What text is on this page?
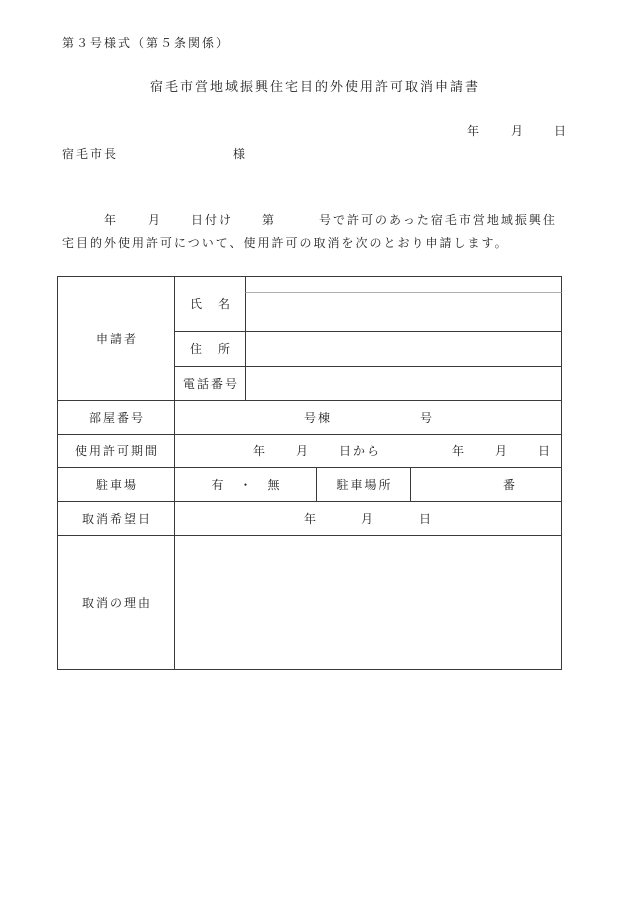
第３号様式（第５条関係）
宿毛市営地域振興住宅目的外使用許可取消申請書
年 月 日
宿毛市長	様
年 月 日付け 第	号で許可のあった宿毛市営地域振興住
宅目的外使用許可について、使用許可の取消を次のとおり申請します。
申請者
氏　名
住　所
電話番号
部屋番号	号棟	号
使用許可期間	年 月 日から	年 月 日
駐車場	有　・　無	駐車場所	番
取消希望日	年	月	日
取消の理由
